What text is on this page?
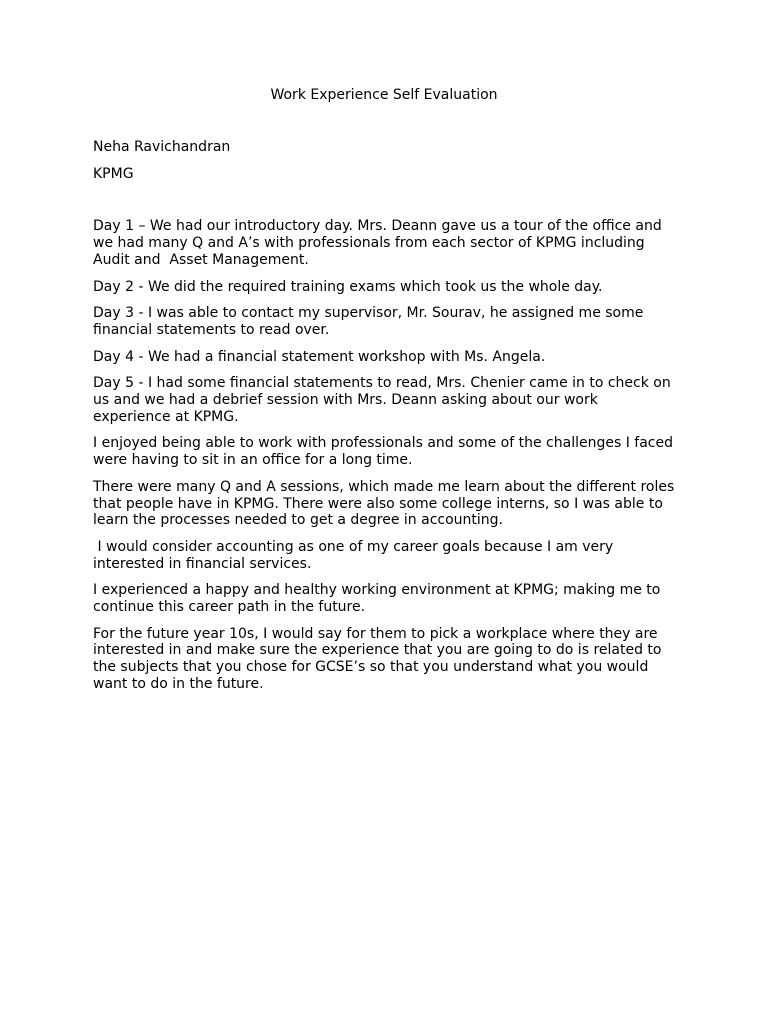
Work Experience Self Evaluation

Neha Ravichandran

KPMG

Day 1 – We had our introductory day. Mrs. Deann gave us a tour of the office and we had many Q and A’s with professionals from each sector of KPMG including Audit and  Asset Management.

Day 2 - We did the required training exams which took us the whole day.

Day 3 - I was able to contact my supervisor, Mr. Sourav, he assigned me some financial statements to read over.

Day 4 - We had a financial statement workshop with Ms. Angela.

Day 5 - I had some financial statements to read, Mrs. Chenier came in to check on us and we had a debrief session with Mrs. Deann asking about our work experience at KPMG.

I enjoyed being able to work with professionals and some of the challenges I faced were having to sit in an office for a long time.

There were many Q and A sessions, which made me learn about the different roles that people have in KPMG. There were also some college interns, so I was able to learn the processes needed to get a degree in accounting.

I would consider accounting as one of my career goals because I am very interested in financial services.

I experienced a happy and healthy working environment at KPMG; making me to continue this career path in the future.

For the future year 10s, I would say for them to pick a workplace where they are interested in and make sure the experience that you are going to do is related to the subjects that you chose for GCSE’s so that you understand what you would want to do in the future.
